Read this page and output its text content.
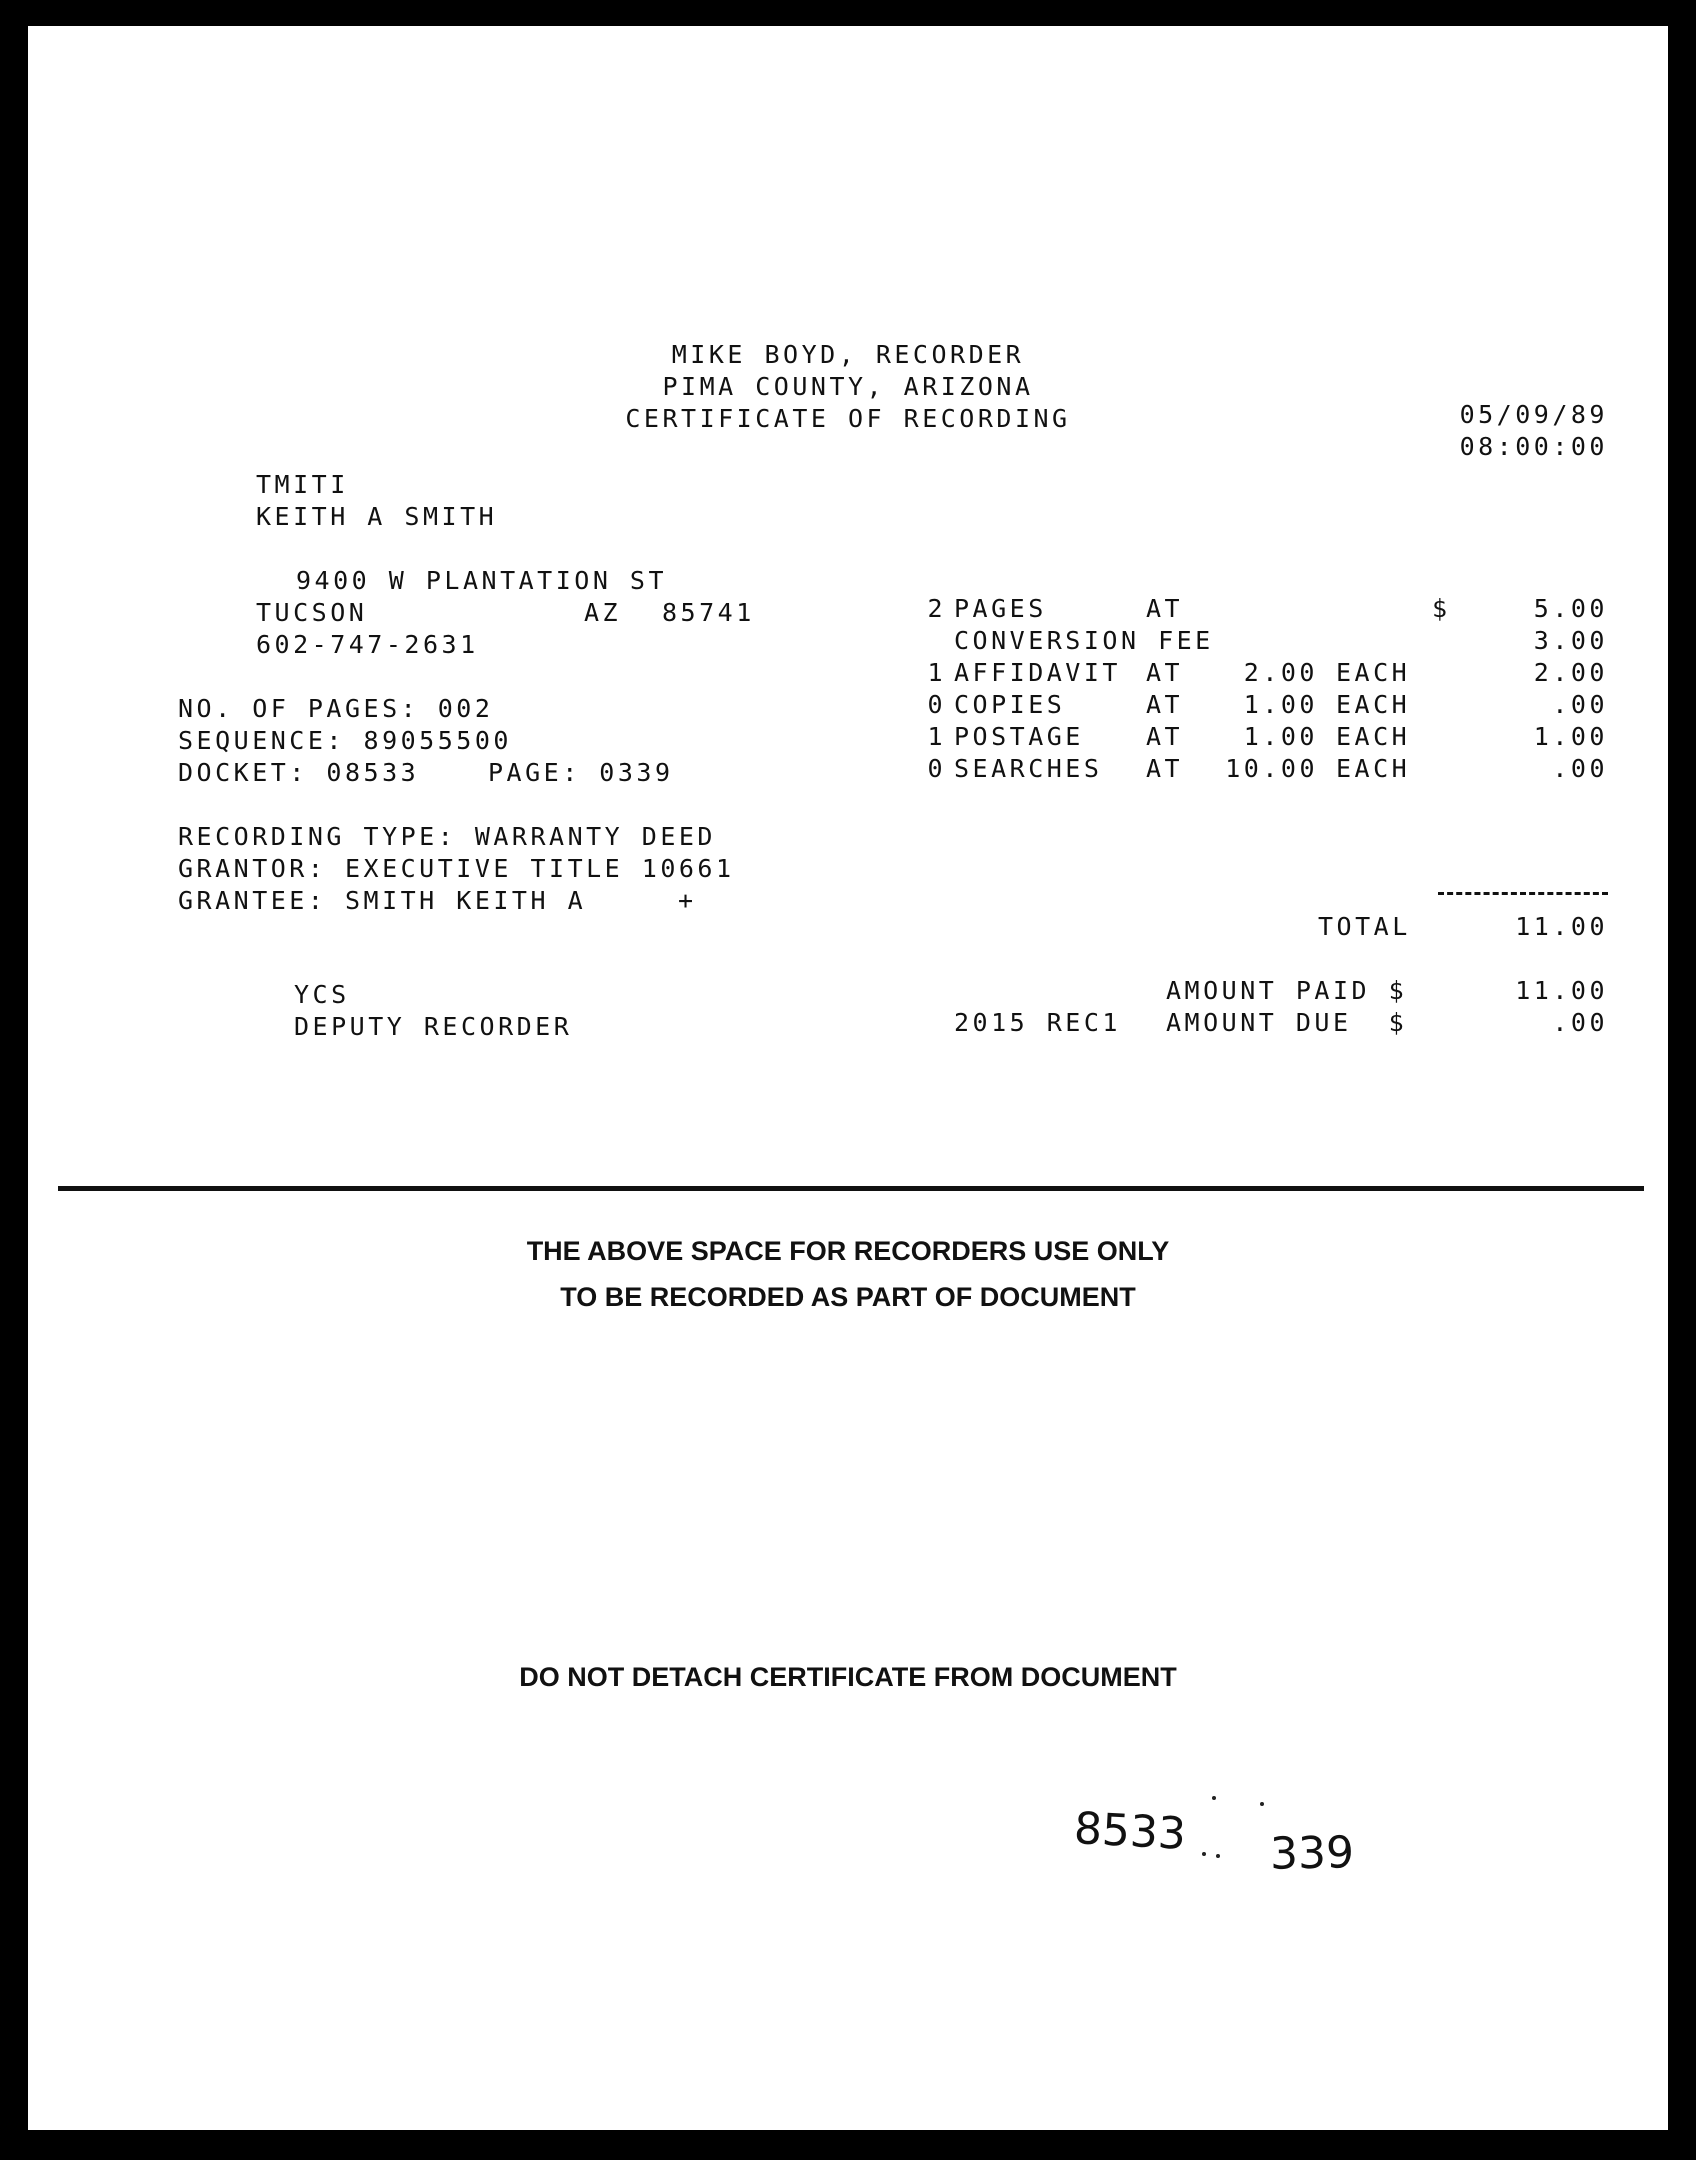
MIKE BOYD, RECORDER
PIMA COUNTY, ARIZONA
CERTIFICATE OF RECORDING	05/09/89
08:00:00
TMITI
KEITH A SMITH
9400 W PLANTATION ST
TUCSON	AZ 85741
602-747-2631
NO. OF PAGES: 002
SEQUENCE: 89055500
DOCKET: 08533	PAGE: 0339
RECORDING TYPE: WARRANTY DEED
GRANTOR: EXECUTIVE TITLE 10661
GRANTEE: SMITH KEITH A	+
2 PAGES	AT	$	5.00
CONVERSION FEE	3.00
1 AFFIDAVIT AT	2.00 EACH	2.00
0 COPIES	AT	1.00 EACH	.00
1 POSTAGE AT	1.00 EACH	1.00
0 SEARCHES AT 10.00 EACH	.00
TOTAL	11.00
AMOUNT PAID $	11.00
2015 REC1 AMOUNT DUE  $	.00
YCS
DEPUTY RECORDER
THE ABOVE SPACE FOR RECORDERS USE ONLY
TO BE RECORDED AS PART OF DOCUMENT
DO NOT DETACH CERTIFICATE FROM DOCUMENT
8533 339
